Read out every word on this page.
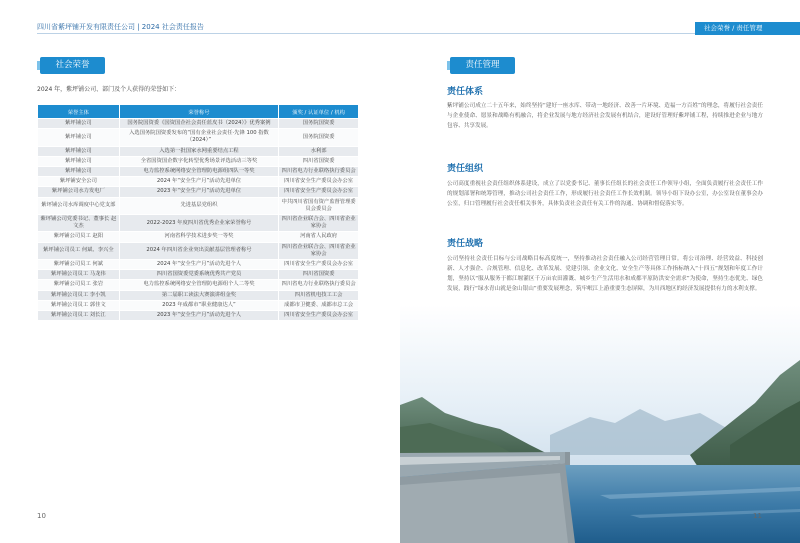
四川省紫坪铺开发有限责任公司 | 2024 社会责任报告
社会荣誉
2024 年，紫坪铺公司、部门及个人获得的荣誉如下：
荣誉主体	荣誉称号	颁奖 / 认证单位 / 机构
紫坪铺公司	国务院国资委《国资国企社会责任蓝皮书（2024）》优秀案例	国务院国资委
紫坪铺公司	入选国务院国资委发布的“国有企业社会责任·先锋 100 指数（2024）”	国务院国资委
紫坪铺公司	入选第一批国家水网重要结点工程	水利部
紫坪铺公司	全省国资国企数字化转型优秀场景评选活动三等奖	四川省国资委
紫坪铺公司	电力监控系统网络安全管理防电源组四队一等奖	四川省电力行业联络执行委员会
紫坪铺安全公司	2024 年“安全生产月”活动先进单位	四川省安全生产委员会办公室
紫坪铺公司水力发电厂	2023 年“安全生产月”活动先进单位	四川省安全生产委员会办公室
紫坪铺公司水库调度中心党支部	先进基层党组织	中共四川省国有资产监督管理委员会委员会
紫坪铺公司党委书记、董事长 赵文杰	2022-2023 年度四川省优秀企业家荣誉称号	四川省企业联合会、四川省企业家协会
紫坪铺公司员工 赵阳	河南省科学技术进步奖一等奖	河南省人民政府
紫坪铺公司员工 何斌、李兴全	2024 年四川省企业突出贡献基层管理者称号	四川省企业联合会、四川省企业家协会
紫坪铺公司员工 何斌	2024 年“安全生产月”活动先进个人	四川省安全生产委员会办公室
紫坪铺公司员工 马龙伟	四川省国资委党委系统优秀共产党员	四川省国资委
紫坪铺公司员工 张岩	电力监控系统网络安全管理防电源组个人二等奖	四川省电力行业联络执行委员会
紫坪铺公司员工 李小凯	第二届职工读法大赛演讲组金奖	四川省机电技工工会
紫坪铺公司员工 郭佳文	2023 年成都市“职业健康达人”	成都市卫健委、成都市总工会
紫坪铺公司员工 刘长江	2023 年“安全生产月”活动先进个人	四川省安全生产委员会办公室
10
社会荣誉 / 责任管理
责任管理
责任体系
紫坪铺公司成立二十五年来，始终坚持“建好一座水库、带动一地经济、改善一片环境、造福一方百姓”的理念，将履行社会责任与企业使命、愿景和战略有机融合，将企业发展与地方经济社会发展有机结合，建设好管理好紫坪铺工程，持续推进企业与地方包容、共享发展。
责任组织
公司高度重视社会责任组织体系建设，成立了以党委书记、董事长任组长的社会责任工作领导小组，全面负责履行社会责任工作的规划部署和统筹管理，推动公司社会责任工作，形成履行社会责任工作长效机制。领导小组下设办公室，办公室设在董事会办公室，归口管理履行社会责任相关事务，具体负责社会责任有关工作的沟通、协调和督促落实等。
责任战略
公司坚持社会责任目标与公司战略目标高度统一，坚持推动社会责任融入公司经营管理日常。将公司治理、经营效益、科技创新、人才强企、合规管理、信息化、改革发展、党建引领、企业文化、安全生产等具体工作指标纳入“十四五”规划和年度工作计划，坚持以“服从服务于都江堰灌区千万亩农田灌溉、城乡生产生活用水和成都平原防洪安全需求”为使命，坚持生态优先、绿色发展，践行“绿水青山就是金山银山”重要发展理念，筑牢岷江上游重要生态屏障，为川西地区的经济发展提供有力的水利支撑。
11
